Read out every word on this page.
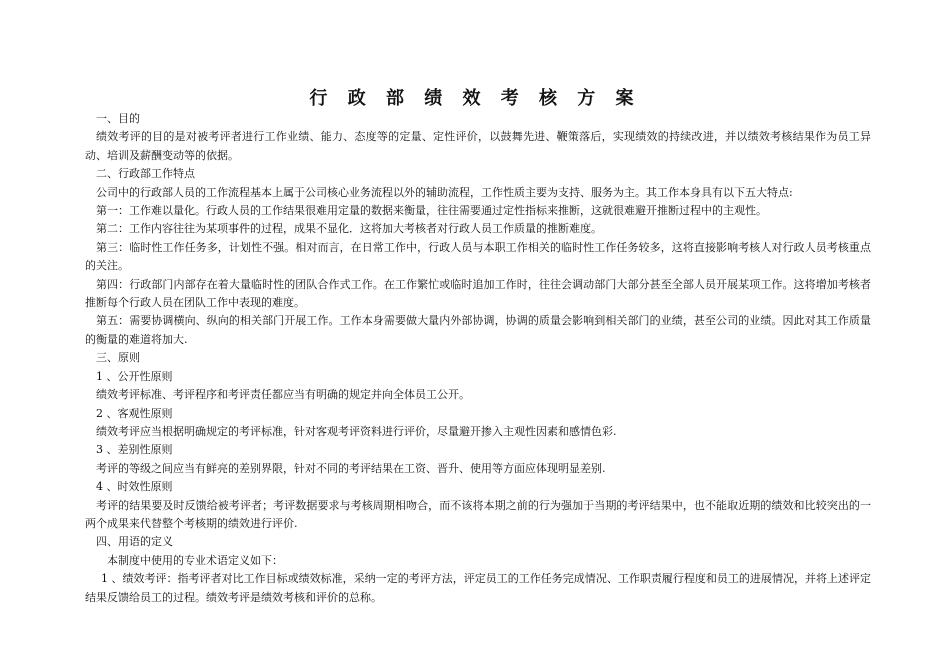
行 政 部 绩 效 考 核 方 案

一、目的

绩效考评的目的是对被考评者进行工作业绩、能力、态度等的定量、定性评价，以鼓舞先进、鞭策落后，实现绩效的持续改进，并以绩效考核结果作为员工异动、培训及薪酬变动等的依据。

二、行政部工作特点

公司中的行政部人员的工作流程基本上属于公司核心业务流程以外的辅助流程，工作性质主要为支持、服务为主。其工作本身具有以下五大特点:

第一：工作难以量化。行政人员的工作结果很难用定量的数据来衡量，往往需要通过定性指标来推断，这就很难避开推断过程中的主观性。

第二：工作内容往往为某项事件的过程，成果不显化．这将加大考核者对行政人员工作质量的推断难度。

第三：临时性工作任务多，计划性不强。相对而言，在日常工作中，行政人员与本职工作相关的临时性工作任务较多，这将直接影响考核人对行政人员考核重点的关注。

第四：行政部门内部存在着大量临时性的团队合作式工作。在工作繁忙或临时追加工作时，往往会调动部门大部分甚至全部人员开展某项工作。这将增加考核者推断每个行政人员在团队工作中表现的难度。

第五：需要协调横向、纵向的相关部门开展工作。工作本身需要做大量内外部协调，协调的质量会影响到相关部门的业绩，甚至公司的业绩。因此对其工作质量的衡量的难道将加大.

三、原则

1 、公开性原则

绩效考评标准、考评程序和考评责任都应当有明确的规定并向全体员工公开。

2 、客观性原则

绩效考评应当根据明确规定的考评标准，针对客观考评资料进行评价，尽量避开掺入主观性因素和感情色彩.

3 、差别性原则

考评的等级之间应当有鲜亮的差别界限，针对不同的考评结果在工资、晋升、使用等方面应体现明显差别.

4 、时效性原则

考评的结果要及时反馈给被考评者；考评数据要求与考核周期相吻合，而不该将本期之前的行为强加于当期的考评结果中，也不能取近期的绩效和比较突出的一两个成果来代替整个考核期的绩效进行评价.

四、用语的定义

本制度中使用的专业术语定义如下：

1 、绩效考评：指考评者对比工作目标或绩效标准，采纳一定的考评方法，评定员工的工作任务完成情况、工作职责履行程度和员工的进展情况，并将上述评定结果反馈给员工的过程。绩效考评是绩效考核和评价的总称。
